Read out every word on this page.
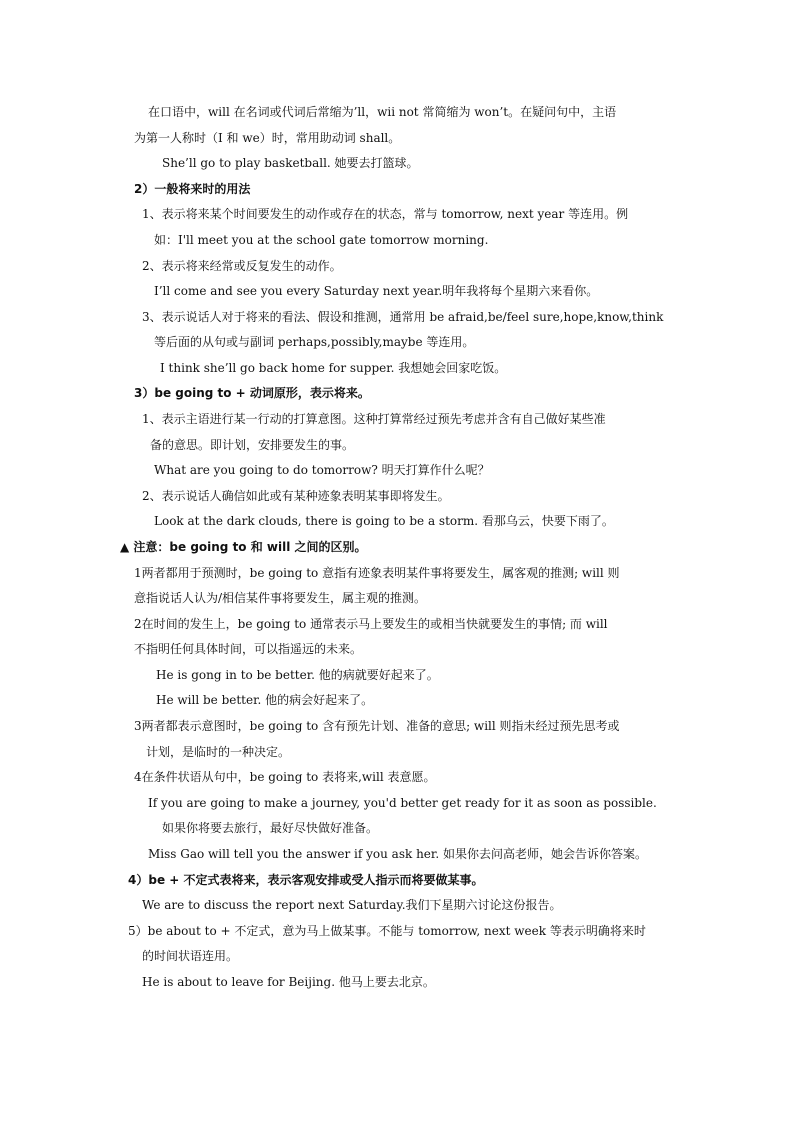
在口语中，will 在名词或代词后常缩为’ll，wii not 常简缩为 won’t。在疑问句中，主语
为第一人称时（I 和 we）时，常用助动词 shall。
She’ll go to play basketball. 她要去打篮球。
2）一般将来时的用法
1、表示将来某个时间要发生的动作或存在的状态，常与 tomorrow, next year 等连用。例
如：I'll meet you at the school gate tomorrow morning.
2、表示将来经常或反复发生的动作。
I’ll come and see you every Saturday next year.明年我将每个星期六来看你。
3、表示说话人对于将来的看法、假设和推测，通常用 be afraid,be/feel sure,hope,know,think
等后面的从句或与副词 perhaps,possibly,maybe 等连用。
I think she’ll go back home for supper. 我想她会回家吃饭。
3）be going to + 动词原形，表示将来。
1、表示主语进行某一行动的打算意图。这种打算常经过预先考虑并含有自己做好某些准
备的意思。即计划，安排要发生的事。
What are you going to do tomorrow? 明天打算作什么呢？
2、表示说话人确信如此或有某种迹象表明某事即将发生。
Look at the dark clouds, there is going to be a storm. 看那乌云，快要下雨了。
▲ 注意：be going to 和 will 之间的区别。
1两者都用于预测时，be going to 意指有迹象表明某件事将要发生，属客观的推测; will 则
意指说话人认为/相信某件事将要发生，属主观的推测。
2在时间的发生上，be going to 通常表示马上要发生的或相当快就要发生的事情; 而 will
不指明任何具体时间，可以指遥远的未来。
He is gong in to be better. 他的病就要好起来了。
He will be better. 他的病会好起来了。
3两者都表示意图时，be going to 含有预先计划、准备的意思; will 则指未经过预先思考或
计划，是临时的一种决定。
4在条件状语从句中，be going to 表将来,will 表意愿。
If you are going to make a journey, you'd better get ready for it as soon as possible.
如果你将要去旅行，最好尽快做好准备。
Miss Gao will tell you the answer if you ask her. 如果你去问高老师，她会告诉你答案。
4）be + 不定式表将来，表示客观安排或受人指示而将要做某事。
We are to discuss the report next Saturday.我们下星期六讨论这份报告。
5）be about to + 不定式，意为马上做某事。不能与 tomorrow, next week 等表示明确将来时
的时间状语连用。
He is about to leave for Beijing. 他马上要去北京。
